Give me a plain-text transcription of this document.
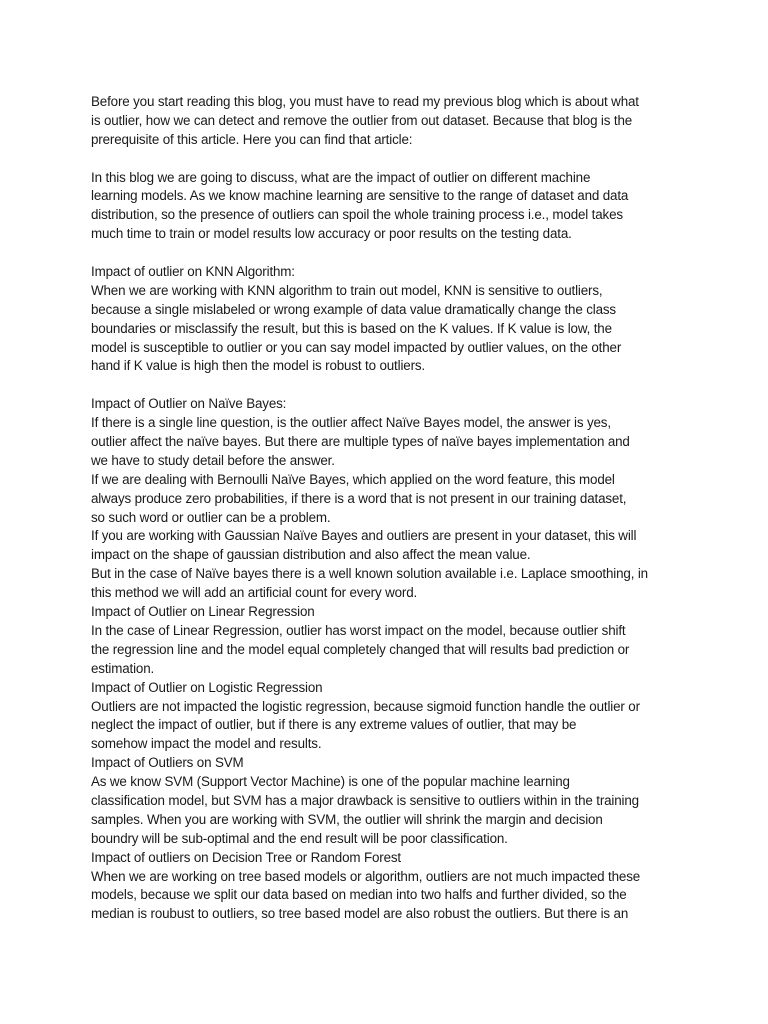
Before you start reading this blog, you must have to read my previous blog which is about what
is outlier, how we can detect and remove the outlier from out dataset. Because that blog is the
prerequisite of this article. Here you can find that article:
In this blog we are going to discuss, what are the impact of outlier on different machine
learning models. As we know machine learning are sensitive to the range of dataset and data
distribution, so the presence of outliers can spoil the whole training process i.e., model takes
much time to train or model results low accuracy or poor results on the testing data.
Impact of outlier on KNN Algorithm:
When we are working with KNN algorithm to train out model, KNN is sensitive to outliers,
because a single mislabeled or wrong example of data value dramatically change the class
boundaries or misclassify the result, but this is based on the K values. If K value is low, the
model is susceptible to outlier or you can say model impacted by outlier values, on the other
hand if K value is high then the model is robust to outliers.
Impact of Outlier on Naïve Bayes:
If there is a single line question, is the outlier affect Naïve Bayes model, the answer is yes,
outlier affect the naïve bayes. But there are multiple types of naïve bayes implementation and
we have to study detail before the answer.
If we are dealing with Bernoulli Naïve Bayes, which applied on the word feature, this model
always produce zero probabilities, if there is a word that is not present in our training dataset,
so such word or outlier can be a problem.
If you are working with Gaussian Naïve Bayes and outliers are present in your dataset, this will
impact on the shape of gaussian distribution and also affect the mean value.
But in the case of Naïve bayes there is a well known solution available i.e. Laplace smoothing, in
this method we will add an artificial count for every word.
Impact of Outlier on Linear Regression
In the case of Linear Regression, outlier has worst impact on the model, because outlier shift
the regression line and the model equal completely changed that will results bad prediction or
estimation.
Impact of Outlier on Logistic Regression
Outliers are not impacted the logistic regression, because sigmoid function handle the outlier or
neglect the impact of outlier, but if there is any extreme values of outlier, that may be
somehow impact the model and results.
Impact of Outliers on SVM
As we know SVM (Support Vector Machine) is one of the popular machine learning
classification model, but SVM has a major drawback is sensitive to outliers within in the training
samples. When you are working with SVM, the outlier will shrink the margin and decision
boundry will be sub-optimal and the end result will be poor classification.
Impact of outliers on Decision Tree or Random Forest
When we are working on tree based models or algorithm, outliers are not much impacted these
models, because we split our data based on median into two halfs and further divided, so the
median is roubust to outliers, so tree based model are also robust the outliers. But there is an
